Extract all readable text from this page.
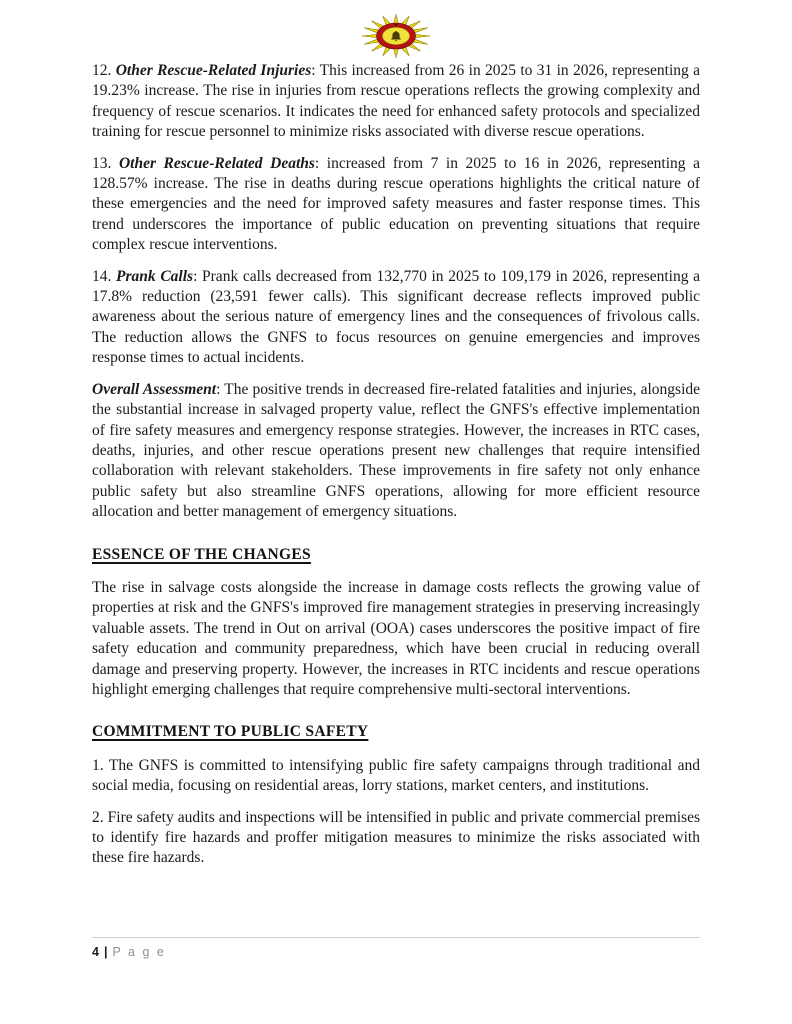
12. Other Rescue-Related Injuries: This increased from 26 in 2025 to 31 in 2026, representing a 19.23% increase. The rise in injuries from rescue operations reflects the growing complexity and frequency of rescue scenarios. It indicates the need for enhanced safety protocols and specialized training for rescue personnel to minimize risks associated with diverse rescue operations.

13. Other Rescue-Related Deaths: increased from 7 in 2025 to 16 in 2026, representing a 128.57% increase. The rise in deaths during rescue operations highlights the critical nature of these emergencies and the need for improved safety measures and faster response times. This trend underscores the importance of public education on preventing situations that require complex rescue interventions.

14. Prank Calls: Prank calls decreased from 132,770 in 2025 to 109,179 in 2026, representing a 17.8% reduction (23,591 fewer calls). This significant decrease reflects improved public awareness about the serious nature of emergency lines and the consequences of frivolous calls. The reduction allows the GNFS to focus resources on genuine emergencies and improves response times to actual incidents.

Overall Assessment: The positive trends in decreased fire-related fatalities and injuries, alongside the substantial increase in salvaged property value, reflect the GNFS's effective implementation of fire safety measures and emergency response strategies. However, the increases in RTC cases, deaths, injuries, and other rescue operations present new challenges that require intensified collaboration with relevant stakeholders. These improvements in fire safety not only enhance public safety but also streamline GNFS operations, allowing for more efficient resource allocation and better management of emergency situations.

ESSENCE OF THE CHANGES

The rise in salvage costs alongside the increase in damage costs reflects the growing value of properties at risk and the GNFS's improved fire management strategies in preserving increasingly valuable assets. The trend in Out on arrival (OOA) cases underscores the positive impact of fire safety education and community preparedness, which have been crucial in reducing overall damage and preserving property. However, the increases in RTC incidents and rescue operations highlight emerging challenges that require comprehensive multi-sectoral interventions.

COMMITMENT TO PUBLIC SAFETY

1. The GNFS is committed to intensifying public fire safety campaigns through traditional and social media, focusing on residential areas, lorry stations, market centers, and institutions.

2. Fire safety audits and inspections will be intensified in public and private commercial premises to identify fire hazards and proffer mitigation measures to minimize the risks associated with these fire hazards.

4 | P a g e
